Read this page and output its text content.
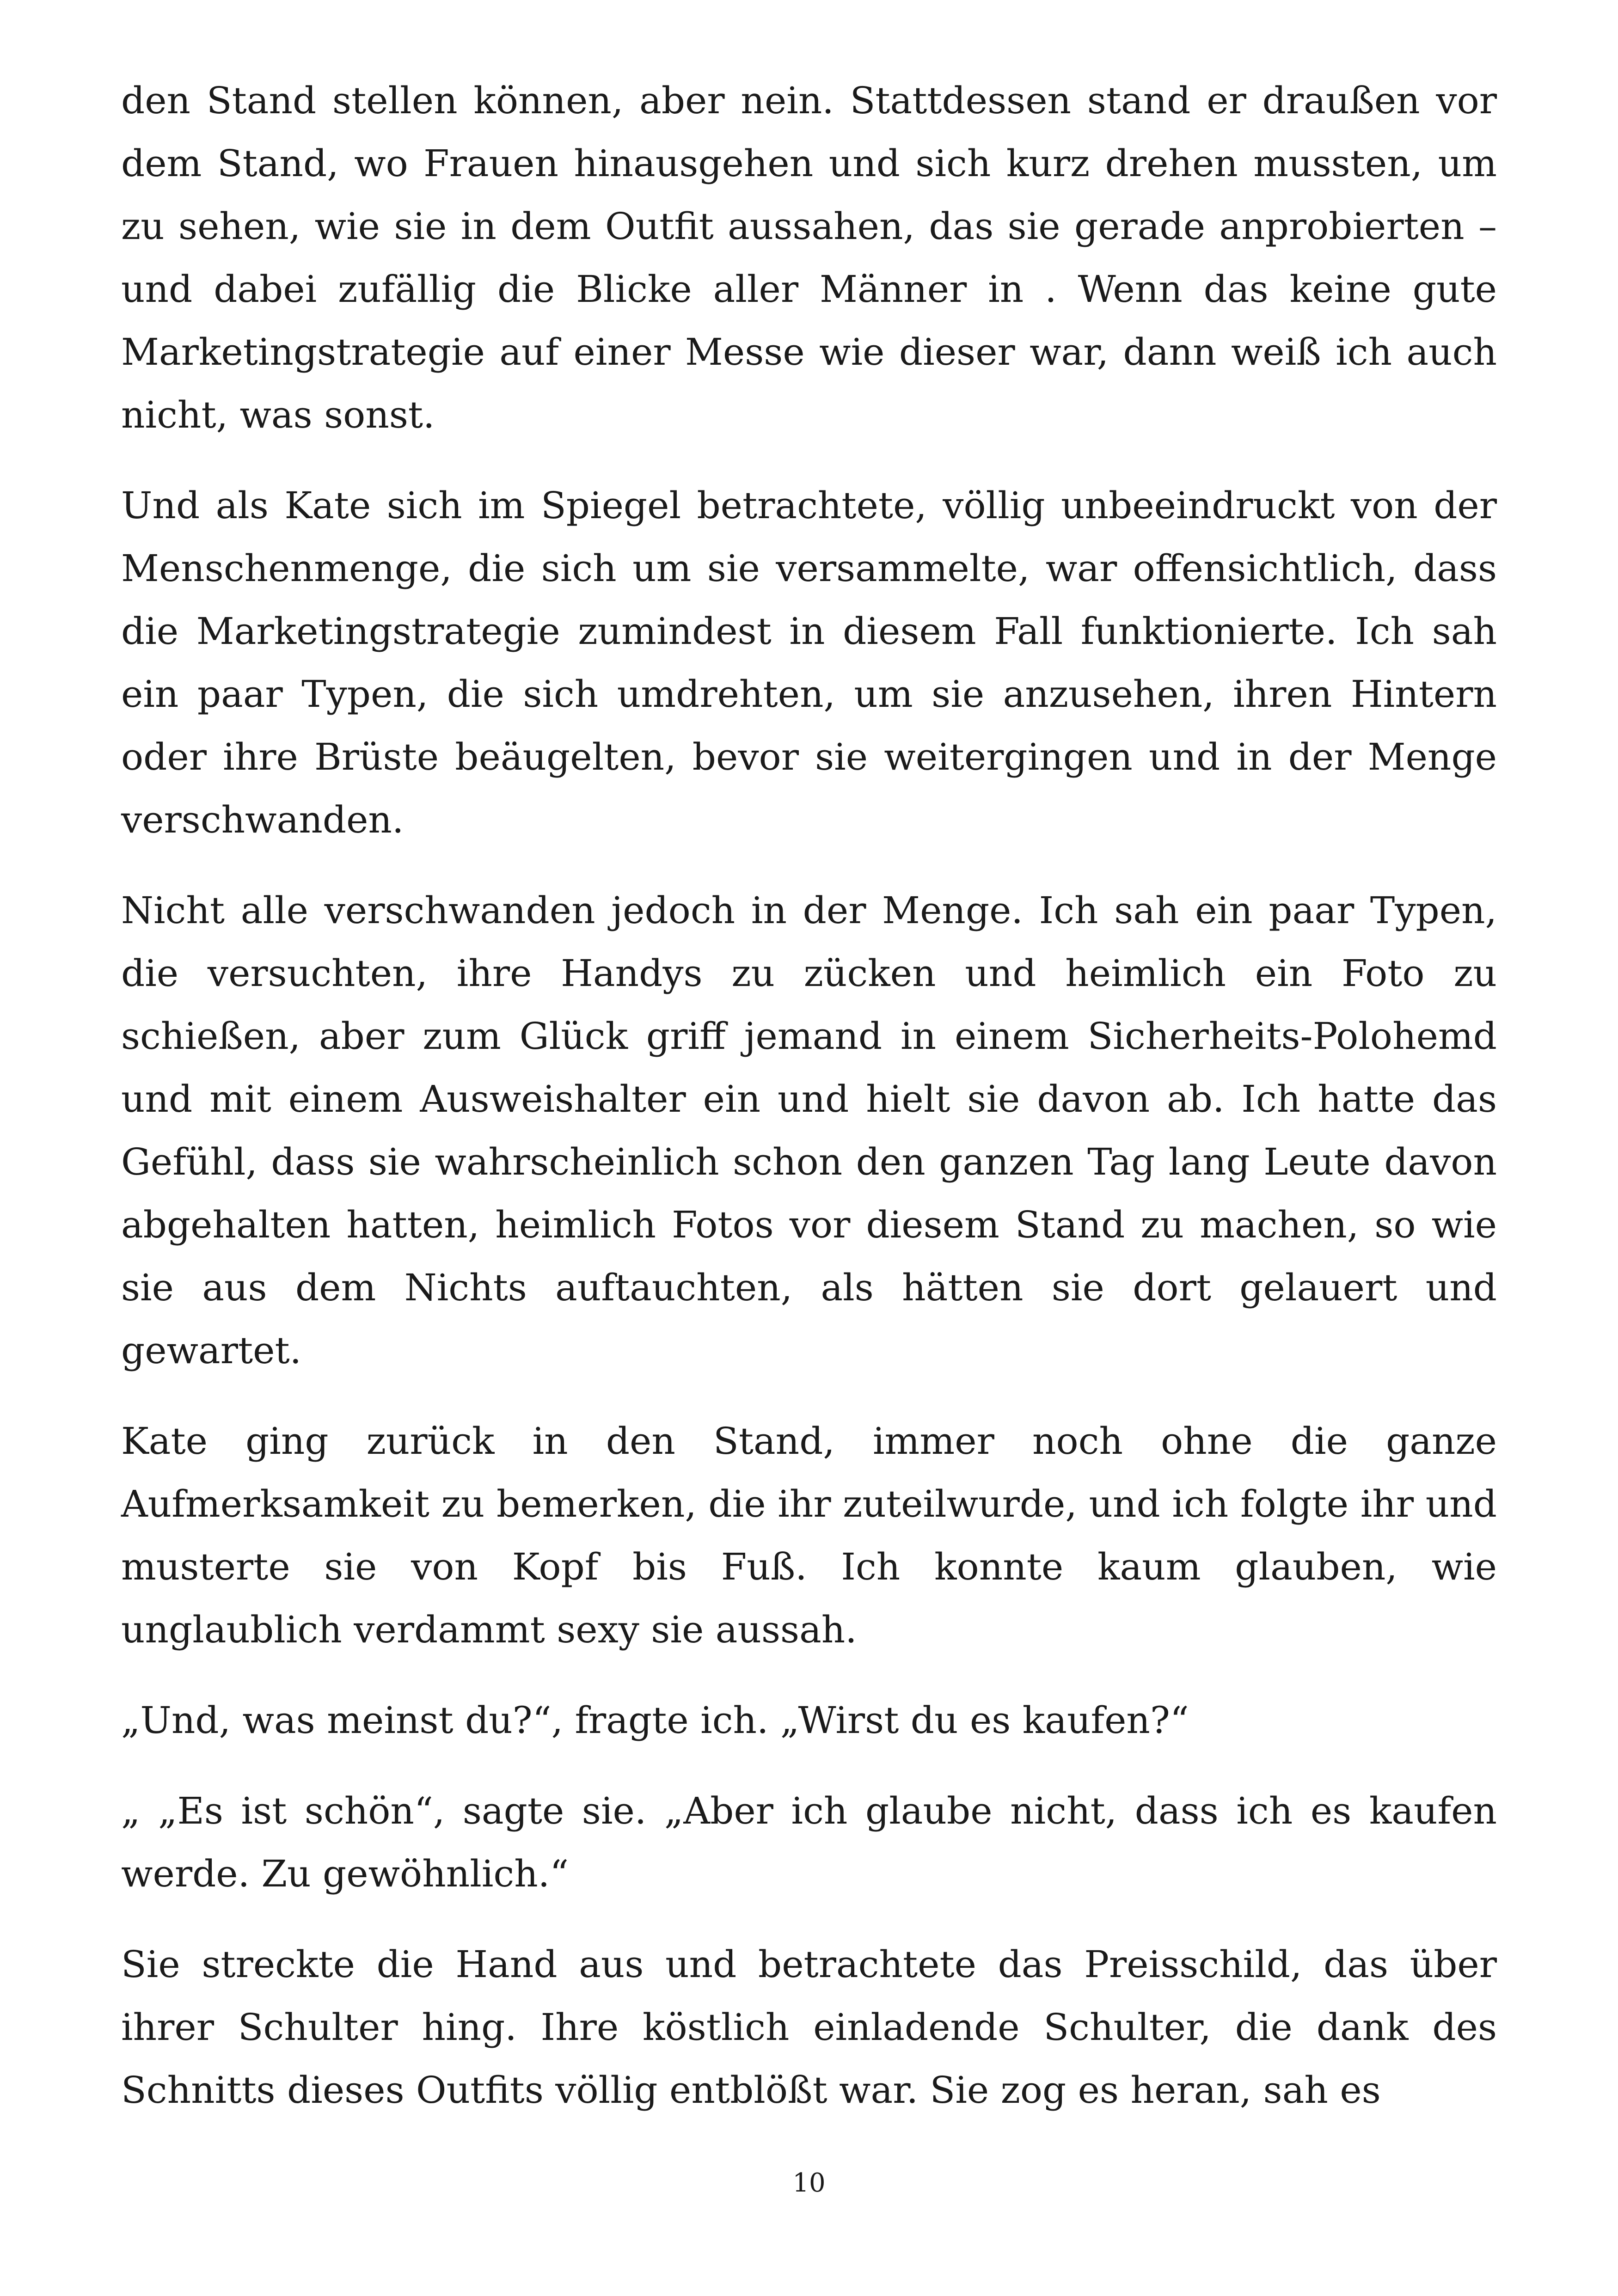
den Stand stellen können, aber nein. Stattdessen stand er draußen vor dem Stand, wo Frauen hinausgehen und sich kurz drehen mussten, um zu sehen, wie sie in dem Outfit aussahen, das sie gerade anprobierten – und dabei zufällig die Blicke aller Männer in . Wenn das keine gute Marketingstrategie auf einer Messe wie dieser war, dann weiß ich auch nicht, was sonst.

Und als Kate sich im Spiegel betrachtete, völlig unbeeindruckt von der Menschenmenge, die sich um sie versammelte, war offensichtlich, dass die Marketingstrategie zumindest in diesem Fall funktionierte. Ich sah ein paar Typen, die sich umdrehten, um sie anzusehen, ihren Hintern oder ihre Brüste beäugelten, bevor sie weitergingen und in der Menge verschwanden.

Nicht alle verschwanden jedoch in der Menge. Ich sah ein paar Typen, die versuchten, ihre Handys zu zücken und heimlich ein Foto zu schießen, aber zum Glück griff jemand in einem Sicherheits-Polohemd und mit einem Ausweishalter ein und hielt sie davon ab. Ich hatte das Gefühl, dass sie wahrscheinlich schon den ganzen Tag lang Leute davon abgehalten hatten, heimlich Fotos vor diesem Stand zu machen, so wie sie aus dem Nichts auftauchten, als hätten sie dort gelauert und gewartet.

Kate ging zurück in den Stand, immer noch ohne die ganze Aufmerksamkeit zu bemerken, die ihr zuteilwurde, und ich folgte ihr und musterte sie von Kopf bis Fuß. Ich konnte kaum glauben, wie unglaublich verdammt sexy sie aussah.

„Und, was meinst du?“, fragte ich. „Wirst du es kaufen?“

„ „Es ist schön“, sagte sie. „Aber ich glaube nicht, dass ich es kaufen werde. Zu gewöhnlich.“

Sie streckte die Hand aus und betrachtete das Preisschild, das über ihrer Schulter hing. Ihre köstlich einladende Schulter, die dank des Schnitts dieses Outfits völlig entblößt war. Sie zog es heran, sah es

10
